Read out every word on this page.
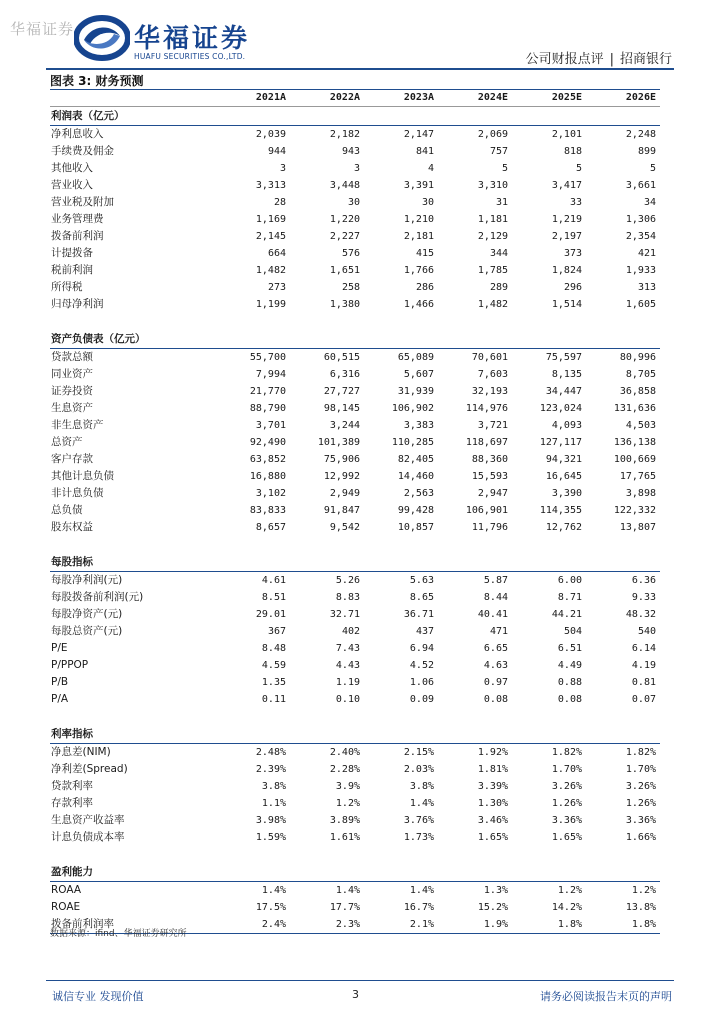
华福证券 华福证券
HUAFU SECURITIES CO.,LTD.	公司财报点评 | 招商银行
图表 3: 财务预测
	2021A	2022A	2023A	2024E	2025E	2026E
利润表（亿元）						
净利息收入	2,039	2,182	2,147	2,069	2,101	2,248
手续费及佣金	944	943	841	757	818	899
其他收入	3	3	4	5	5	5
营业收入	3,313	3,448	3,391	3,310	3,417	3,661
营业税及附加	28	30	30	31	33	34
业务管理费	1,169	1,220	1,210	1,181	1,219	1,306
拨备前利润	2,145	2,227	2,181	2,129	2,197	2,354
计提拨备	664	576	415	344	373	421
税前利润	1,482	1,651	1,766	1,785	1,824	1,933
所得税	273	258	286	289	296	313
归母净利润	1,199	1,380	1,466	1,482	1,514	1,605

资产负债表（亿元）						
贷款总额	55,700	60,515	65,089	70,601	75,597	80,996
同业资产	7,994	6,316	5,607	7,603	8,135	8,705
证券投资	21,770	27,727	31,939	32,193	34,447	36,858
生息资产	88,790	98,145	106,902	114,976	123,024	131,636
非生息资产	3,701	3,244	3,383	3,721	4,093	4,503
总资产	92,490	101,389	110,285	118,697	127,117	136,138
客户存款	63,852	75,906	82,405	88,360	94,321	100,669
其他计息负债	16,880	12,992	14,460	15,593	16,645	17,765
非计息负债	3,102	2,949	2,563	2,947	3,390	3,898
总负债	83,833	91,847	99,428	106,901	114,355	122,332
股东权益	8,657	9,542	10,857	11,796	12,762	13,807

每股指标						
每股净利润(元)	4.61	5.26	5.63	5.87	6.00	6.36
每股拨备前利润(元)	8.51	8.83	8.65	8.44	8.71	9.33
每股净资产(元)	29.01	32.71	36.71	40.41	44.21	48.32
每股总资产(元)	367	402	437	471	504	540
P/E	8.48	7.43	6.94	6.65	6.51	6.14
P/PPOP	4.59	4.43	4.52	4.63	4.49	4.19
P/B	1.35	1.19	1.06	0.97	0.88	0.81
P/A	0.11	0.10	0.09	0.08	0.08	0.07

利率指标						
净息差(NIM)	2.48%	2.40%	2.15%	1.92%	1.82%	1.82%
净利差(Spread)	2.39%	2.28%	2.03%	1.81%	1.70%	1.70%
贷款利率	3.8%	3.9%	3.8%	3.39%	3.26%	3.26%
存款利率	1.1%	1.2%	1.4%	1.30%	1.26%	1.26%
生息资产收益率	3.98%	3.89%	3.76%	3.46%	3.36%	3.36%
计息负债成本率	1.59%	1.61%	1.73%	1.65%	1.65%	1.66%

盈利能力						
ROAA	1.4%	1.4%	1.4%	1.3%	1.2%	1.2%
ROAE	17.5%	17.7%	16.7%	15.2%	14.2%	13.8%
拨备前利润率	2.4%	2.3%	2.1%	1.9%	1.8%	1.8%
数据来源：ifind、华福证券研究所
诚信专业 发现价值	3	请务必阅读报告末页的声明
